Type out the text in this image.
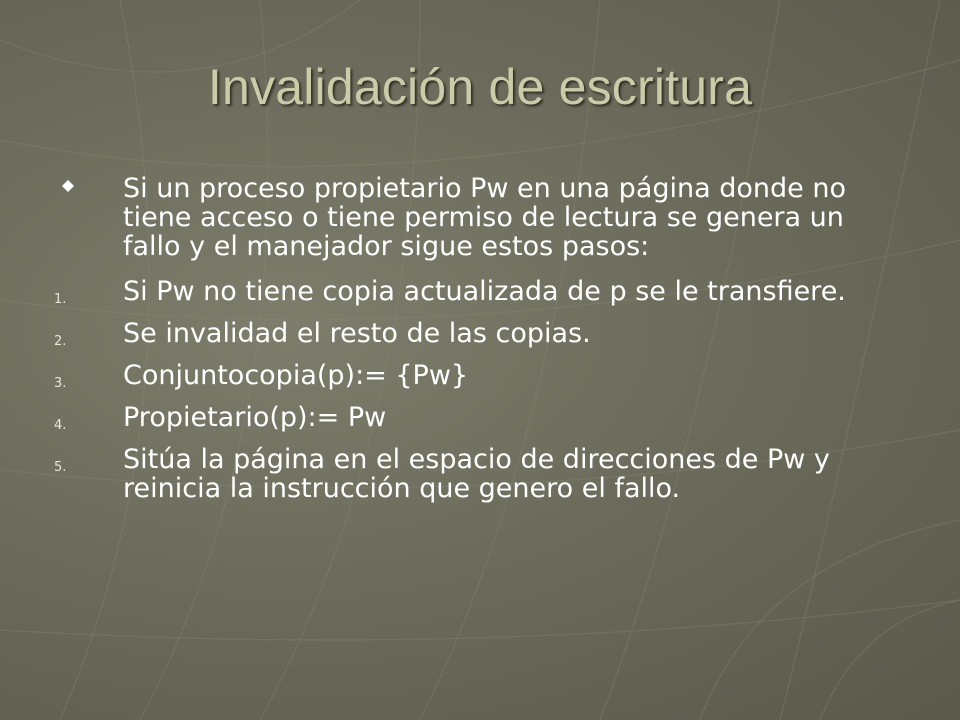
Invalidación de escritura
Si un proceso propietario Pw en una página donde no tiene acceso o tiene permiso de lectura se genera un fallo y el manejador sigue estos pasos:
1. Si Pw no tiene copia actualizada de p se le transfiere.
2. Se invalidad el resto de las copias.
3. Conjuntocopia(p):= {Pw}
4. Propietario(p):= Pw
5. Sitúa la página en el espacio de direcciones de Pw y reinicia la instrucción que genero el fallo.
